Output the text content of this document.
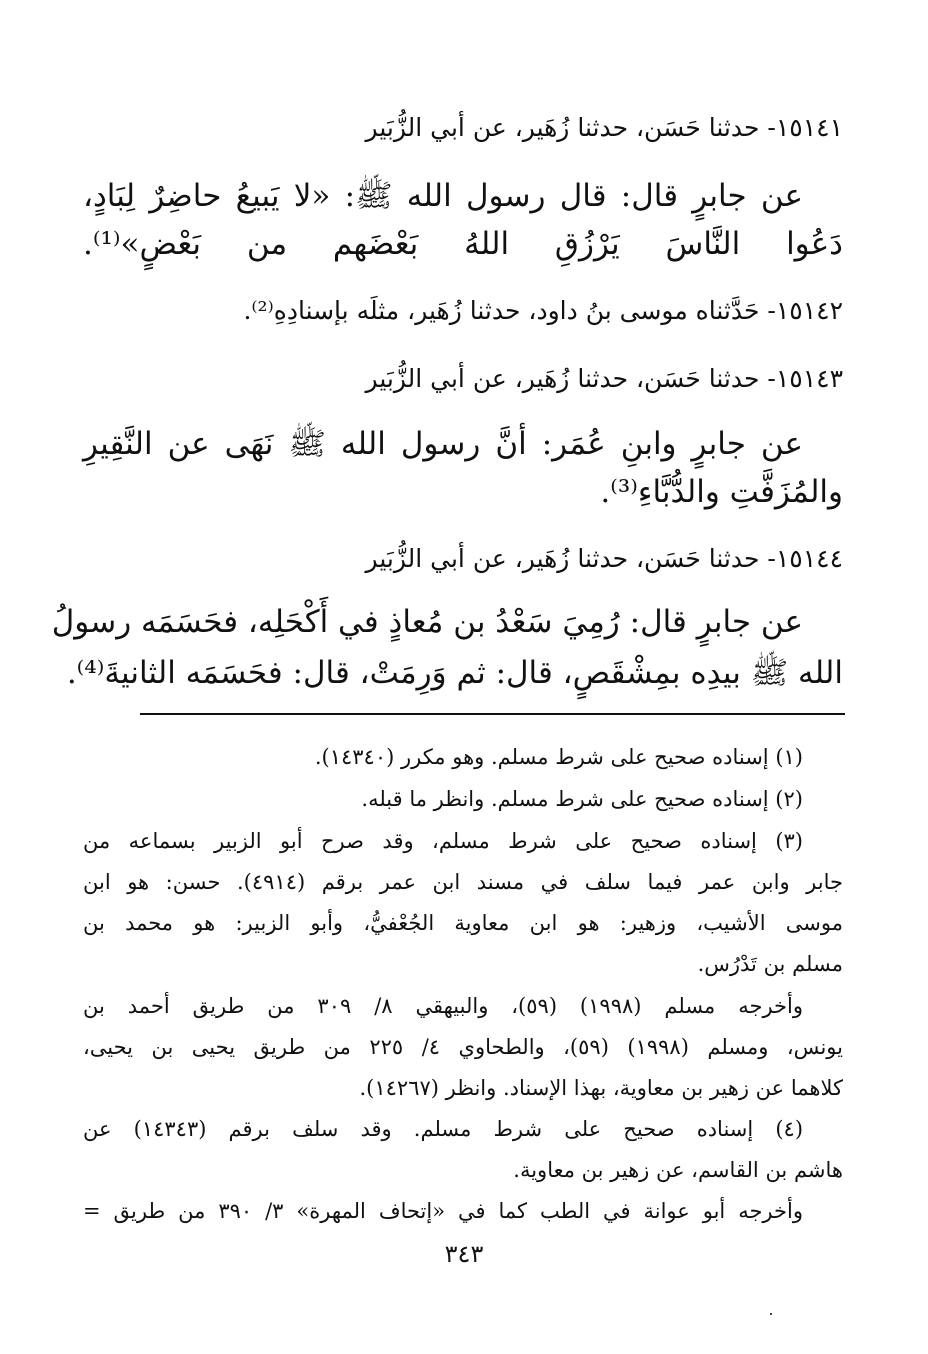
١٥١٤١- حدثنا حَسَن، حدثنا زُهَير، عن أبي الزُّبَير
عن جابرٍ قال: قال رسول الله ﷺ: «لا يَبيعُ حاضِرٌ لِبَادٍ،
دَعُوا النَّاسَ يَرْزُقِ اللهُ بَعْضَهم من بَعْضٍ»⁽¹⁾.
١٥١٤٢- حَدَّثناه موسى بنُ داود، حدثنا زُهَير، مثلَه بإسنادِهِ⁽²⁾.
١٥١٤٣- حدثنا حَسَن، حدثنا زُهَير، عن أبي الزُّبَير
عن جابرٍ وابنِ عُمَر: أنَّ رسول الله ﷺ نَهَى عن النَّقِيرِ
والمُزَفَّتِ والدُّبَّاءِ⁽³⁾.
١٥١٤٤- حدثنا حَسَن، حدثنا زُهَير، عن أبي الزُّبَير
عن جابرٍ قال: رُمِيَ سَعْدُ بن مُعاذٍ في أَكْحَلِه، فحَسَمَه رسولُ
الله ﷺ بيدِه بمِشْقَصٍ، قال: ثم وَرِمَتْ، قال: فحَسَمَه الثانيةَ⁽⁴⁾.
(١) إسناده صحيح على شرط مسلم. وهو مكرر (١٤٣٤٠).
(٢) إسناده صحيح على شرط مسلم. وانظر ما قبله.
(٣) إسناده صحيح على شرط مسلم، وقد صرح أبو الزبير بسماعه من
جابر وابن عمر فيما سلف في مسند ابن عمر برقم (٤٩١٤). حسن: هو ابن
موسى الأشيب، وزهير: هو ابن معاوية الجُعْفيُّ، وأبو الزبير: هو محمد بن
مسلم بن تَدْرُس.
وأخرجه مسلم (١٩٩٨) (٥٩)، والبيهقي ٨/ ٣٠٩ من طريق أحمد بن
يونس، ومسلم (١٩٩٨) (٥٩)، والطحاوي ٤/ ٢٢٥ من طريق يحيى بن يحيى،
كلاهما عن زهير بن معاوية، بهذا الإسناد. وانظر (١٤٢٦٧).
(٤) إسناده صحيح على شرط مسلم. وقد سلف برقم (١٤٣٤٣) عن
هاشم بن القاسم، عن زهير بن معاوية.
وأخرجه أبو عوانة في الطب كما في «إتحاف المهرة» ٣/ ٣٩٠ من طريق =
٣٤٣
